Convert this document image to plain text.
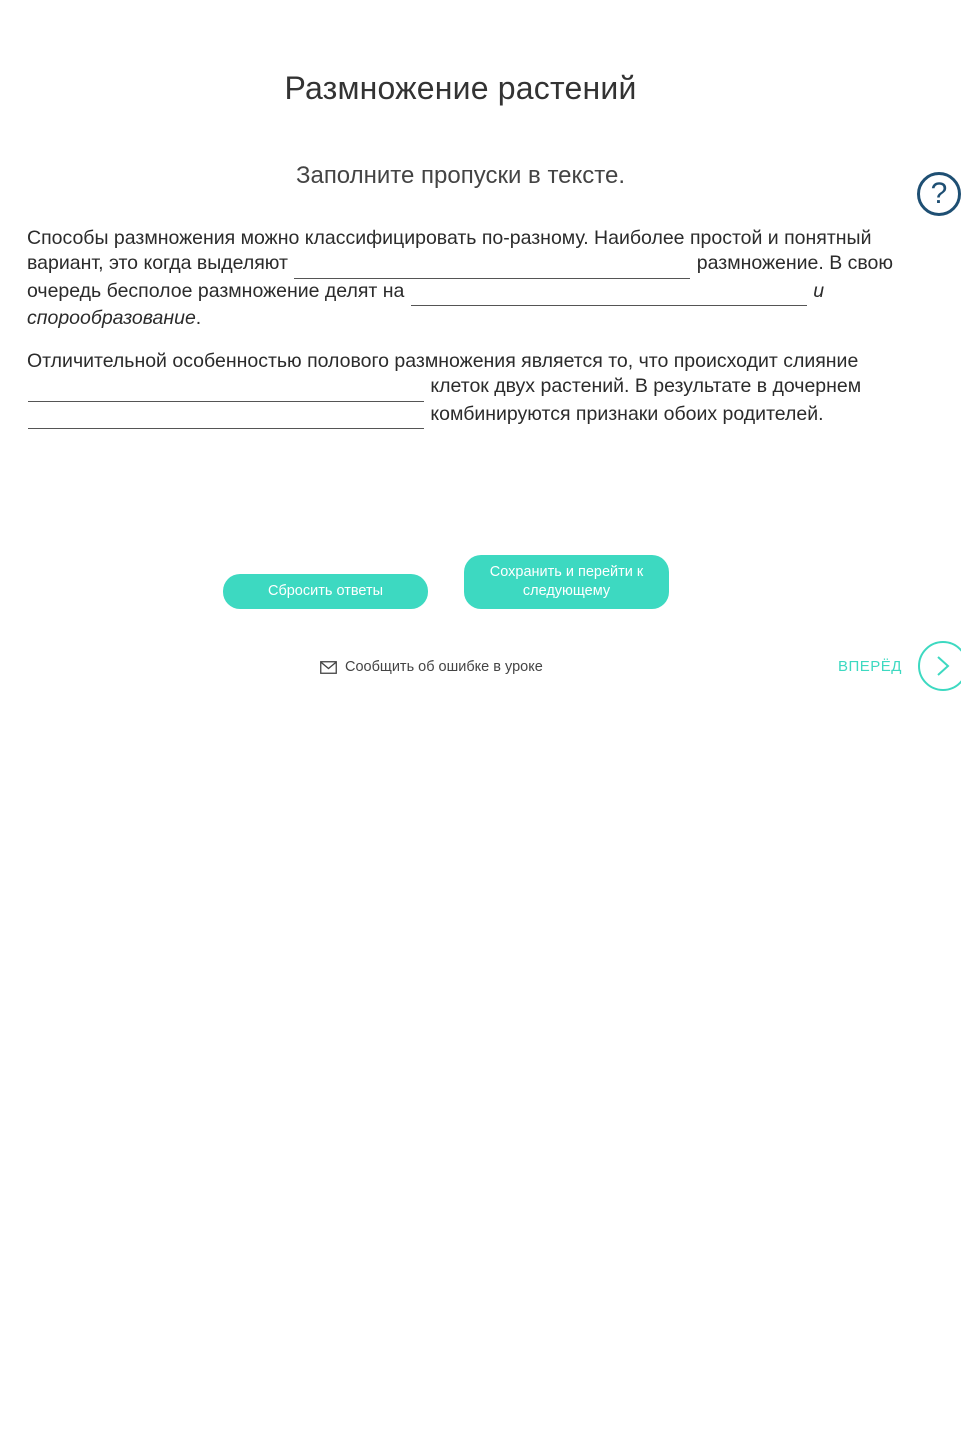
Размножение растений
Заполните пропуски в тексте.
?

Способы размножения можно классифицировать по-разному. Наиболее простой и понятный вариант, это когда выделяют	размножение. В свою очередь бесполое размножение делят на	и
спорообразование.

Отличительной особенностью полового размножения является то, что происходит слияние
клеток двух растений. В результате в дочернем
комбинируются признаки обоих родителей.

Сбросить ответы
Сохранить и перейти к следующему
Сообщить об ошибке в уроке	ВПЕРЁД
